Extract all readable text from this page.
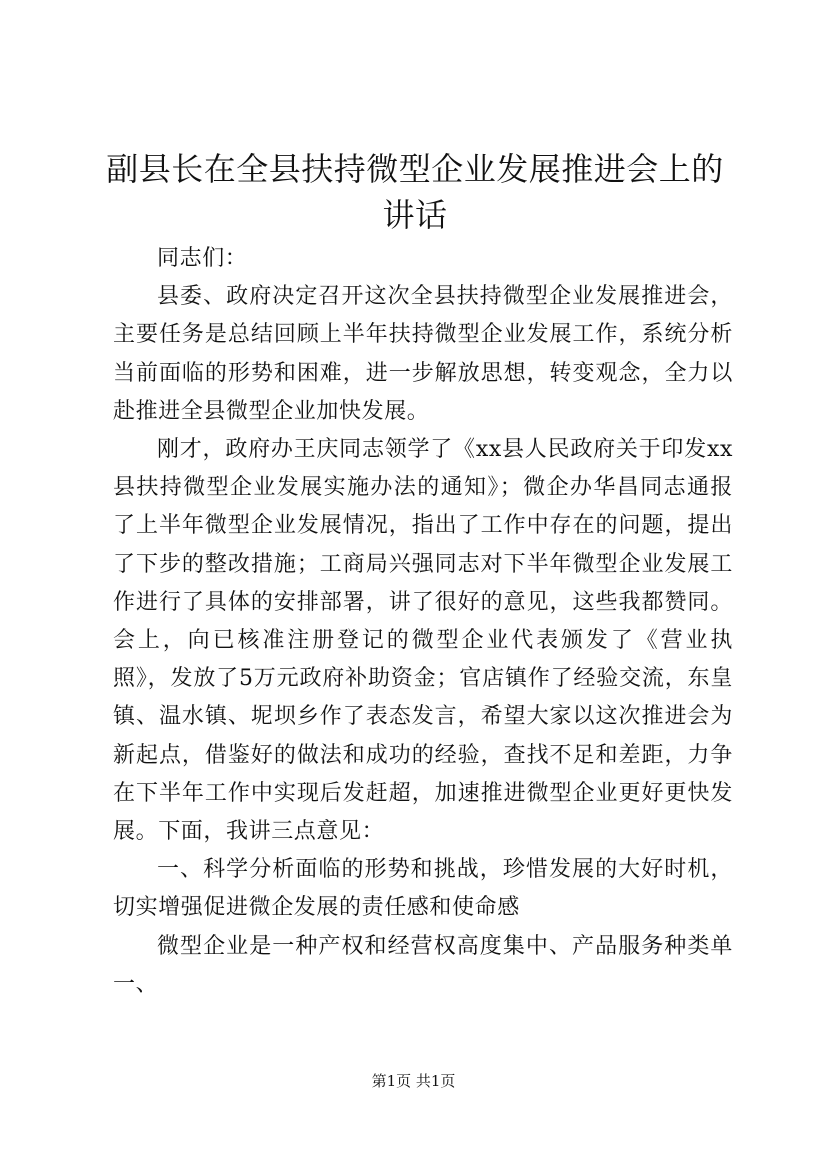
副县长在全县扶持微型企业发展推进会上的讲话

同志们：

县委、政府决定召开这次全县扶持微型企业发展推进会，主要任务是总结回顾上半年扶持微型企业发展工作，系统分析当前面临的形势和困难，进一步解放思想，转变观念，全力以赴推进全县微型企业加快发展。

刚才，政府办王庆同志领学了《xx县人民政府关于印发xx县扶持微型企业发展实施办法的通知》；微企办华昌同志通报了上半年微型企业发展情况，指出了工作中存在的问题，提出了下步的整改措施；工商局兴强同志对下半年微型企业发展工作进行了具体的安排部署，讲了很好的意见，这些我都赞同。会上，向已核准注册登记的微型企业代表颁发了《营业执照》，发放了5万元政府补助资金；官店镇作了经验交流，东皇镇、温水镇、坭坝乡作了表态发言，希望大家以这次推进会为新起点，借鉴好的做法和成功的经验，查找不足和差距，力争在下半年工作中实现后发赶超，加速推进微型企业更好更快发展。下面，我讲三点意见：

一、科学分析面临的形势和挑战，珍惜发展的大好时机，切实增强促进微企发展的责任感和使命感

微型企业是一种产权和经营权高度集中、产品服务种类单一、

第1页 共1页
